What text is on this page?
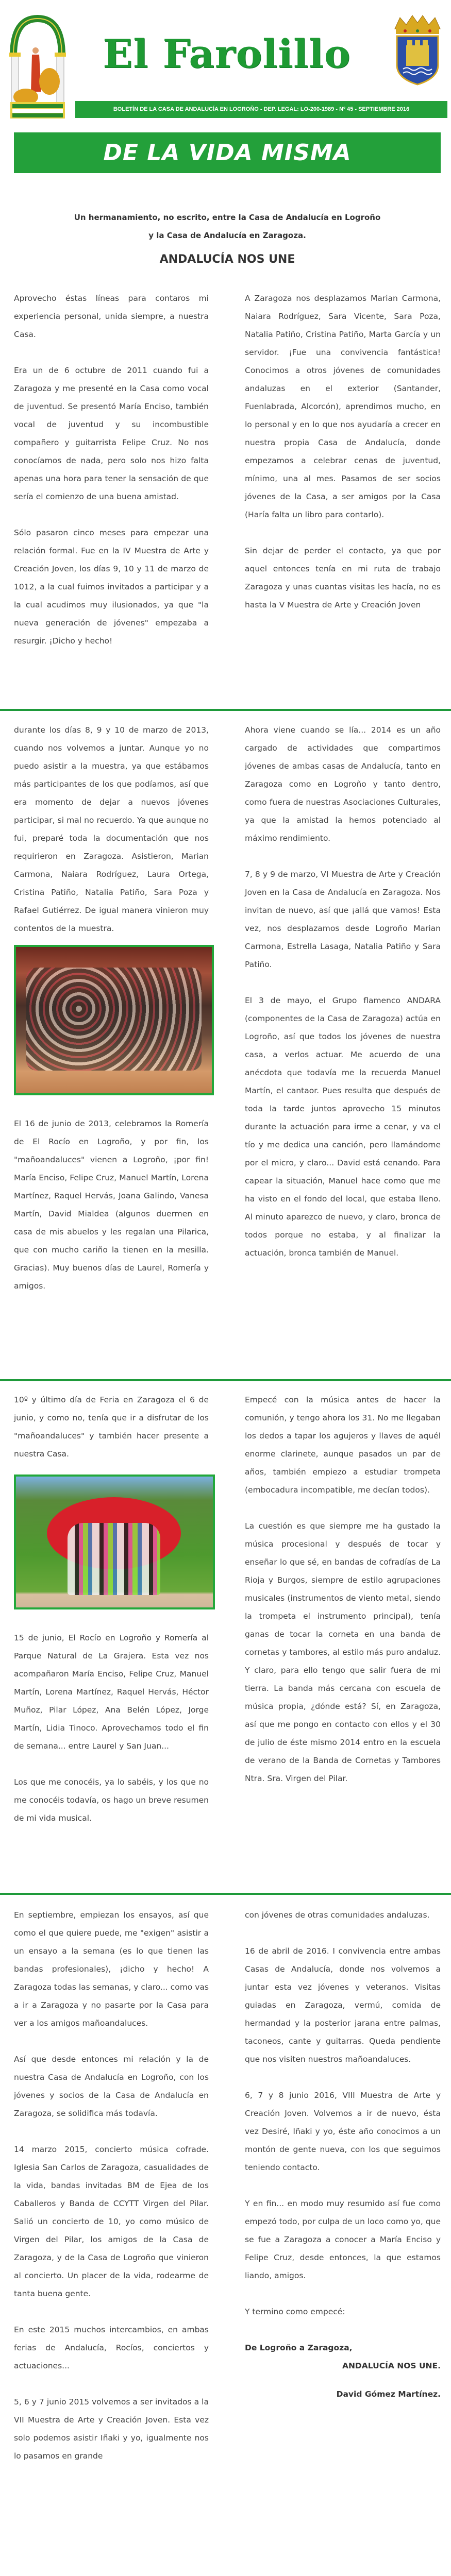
El Farolillo
BOLETÍN DE LA CASA DE ANDALUCÍA EN LOGROÑO - DEP. LEGAL: LO-200-1989 - Nº 45 - SEPTIEMBRE 2016
DE LA VIDA MISMA
Un hermanamiento, no escrito, entre la Casa de Andalucía en Logroño
y la Casa de Andalucía en Zaragoza.
ANDALUCÍA NOS UNE

Aprovecho éstas líneas para contaros mi experiencia personal, unida siempre, a nuestra Casa.

Era un de 6 octubre de 2011 cuando fui a Zaragoza y me presenté en la Casa como vocal de juventud. Se presentó María Enciso, también vocal de juventud y su incombustible compañero y guitarrista Felipe Cruz. No nos conocíamos de nada, pero solo nos hizo falta apenas una hora para tener la sensación de que sería el comienzo de una buena amistad.

Sólo pasaron cinco meses para empezar una relación formal. Fue en la IV Muestra de Arte y Creación Joven, los días 9, 10 y 11 de marzo de 1012, a la cual fuimos invitados a participar y a la cual acudimos muy ilusionados, ya que "la nueva generación de jóvenes" empezaba a resurgir. ¡Dicho y hecho!

A Zaragoza nos desplazamos Marian Carmona, Naiara Rodríguez, Sara Vicente, Sara Poza, Natalia Patiño, Cristina Patiño, Marta García y un servidor. ¡Fue una convivencia fantástica! Conocimos a otros jóvenes de comunidades andaluzas en el exterior (Santander, Fuenlabrada, Alcorcón), aprendimos mucho, en lo personal y en lo que nos ayudaría a crecer en nuestra propia Casa de Andalucía, donde empezamos a celebrar cenas de juventud, mínimo, una al mes. Pasamos de ser socios jóvenes de la Casa, a ser amigos por la Casa (Haría falta un libro para contarlo).

Sin dejar de perder el contacto, ya que por aquel entonces tenía en mi ruta de trabajo Zaragoza y unas cuantas visitas les hacía, no es hasta la V Muestra de Arte y Creación Joven

durante los días 8, 9 y 10 de marzo de 2013, cuando nos volvemos a juntar. Aunque yo no puedo asistir a la muestra, ya que estábamos más participantes de los que podíamos, así que era momento de dejar a nuevos jóvenes participar, si mal no recuerdo. Ya que aunque no fui, preparé toda la documentación que nos requirieron en Zaragoza. Asistieron, Marian Carmona, Naiara Rodríguez, Laura Ortega, Cristina Patiño, Natalia Patiño, Sara Poza y Rafael Gutiérrez. De igual manera vinieron muy contentos de la muestra.

El 16 de junio de 2013, celebramos la Romería de El Rocío en Logroño, y por fin, los "mañoandaluces" vienen a Logroño, ¡por fin! María Enciso, Felipe Cruz, Manuel Martín, Lorena Martínez, Raquel Hervás, Joana Galindo, Vanesa Martín, David Mialdea (algunos duermen en casa de mis abuelos y les regalan una Pilarica, que con mucho cariño la tienen en la mesilla. Gracias). Muy buenos días de Laurel, Romería y amigos.

Ahora viene cuando se lía... 2014 es un año cargado de actividades que compartimos jóvenes de ambas casas de Andalucía, tanto en Zaragoza como en Logroño y tanto dentro, como fuera de nuestras Asociaciones Culturales, ya que la amistad la hemos potenciado al máximo rendimiento.

7, 8 y 9 de marzo, VI Muestra de Arte y Creación Joven en la Casa de Andalucía en Zaragoza. Nos invitan de nuevo, así que ¡allá que vamos! Esta vez, nos desplazamos desde Logroño Marian Carmona, Estrella Lasaga, Natalia Patiño y Sara Patiño.

El 3 de mayo, el Grupo flamenco ANDARA (componentes de la Casa de Zaragoza) actúa en Logroño, así que todos los jóvenes de nuestra casa, a verlos actuar. Me acuerdo de una anécdota que todavía me la recuerda Manuel Martín, el cantaor. Pues resulta que después de toda la tarde juntos aprovecho 15 minutos durante la actuación para irme a cenar, y va el tío y me dedica una canción, pero llamándome por el micro, y claro... David está cenando. Para capear la situación, Manuel hace como que me ha visto en el fondo del local, que estaba lleno. Al minuto aparezco de nuevo, y claro, bronca de todos porque no estaba, y al finalizar la actuación, bronca también de Manuel.

10º y último día de Feria en Zaragoza el 6 de junio, y como no, tenía que ir a disfrutar de los "mañoandaluces" y también hacer presente a nuestra Casa.

15 de junio, El Rocío en Logroño y Romería al Parque Natural de La Grajera. Esta vez nos acompañaron María Enciso, Felipe Cruz, Manuel Martín, Lorena Martínez, Raquel Hervás, Héctor Muñoz, Pilar López, Ana Belén López, Jorge Martín, Lidia Tinoco. Aprovechamos todo el fin de semana... entre Laurel y San Juan...

Los que me conocéis, ya lo sabéis, y los que no me conocéis todavía, os hago un breve resumen de mi vida musical.

Empecé con la música antes de hacer la comunión, y tengo ahora los 31. No me llegaban los dedos a tapar los agujeros y llaves de aquél enorme clarinete, aunque pasados un par de años, también empiezo a estudiar trompeta (embocadura incompatible, me decían todos).

La cuestión es que siempre me ha gustado la música procesional y después de tocar y enseñar lo que sé, en bandas de cofradías de La Rioja y Burgos, siempre de estilo agrupaciones musicales (instrumentos de viento metal, siendo la trompeta el instrumento principal), tenía ganas de tocar la corneta en una banda de cornetas y tambores, al estilo más puro andaluz. Y claro, para ello tengo que salir fuera de mi tierra. La banda más cercana con escuela de música propia, ¿dónde está? Sí, en Zaragoza, así que me pongo en contacto con ellos y el 30 de julio de éste mismo 2014 entro en la escuela de verano de la Banda de Cornetas y Tambores Ntra. Sra. Virgen del Pilar.

En septiembre, empiezan los ensayos, así que como el que quiere puede, me "exigen" asistir a un ensayo a la semana (es lo que tienen las bandas profesionales), ¡dicho y hecho! A Zaragoza todas las semanas, y claro... como vas a ir a Zaragoza y no pasarte por la Casa para ver a los amigos mañoandaluces.

Así que desde entonces mi relación y la de nuestra Casa de Andalucía en Logroño, con los jóvenes y socios de la Casa de Andalucía en Zaragoza, se solidifica más todavía.

14 marzo 2015, concierto música cofrade. Iglesia San Carlos de Zaragoza, casualidades de la vida, bandas invitadas BM de Ejea de los Caballeros y Banda de CCYTT Virgen del Pilar. Salió un concierto de 10, yo como músico de Virgen del Pilar, los amigos de la Casa de Zaragoza, y de la Casa de Logroño que vinieron al concierto. Un placer de la vida, rodearme de tanta buena gente.

En este 2015 muchos intercambios, en ambas ferias de Andalucía, Rocíos, conciertos y actuaciones...

5, 6 y 7 junio 2015 volvemos a ser invitados a la VII Muestra de Arte y Creación Joven. Esta vez solo podemos asistir Iñaki y yo, igualmente nos lo pasamos en grande

con jóvenes de otras comunidades andaluzas.

16 de abril de 2016. I convivencia entre ambas Casas de Andalucía, donde nos volvemos a juntar esta vez jóvenes y veteranos. Visitas guiadas en Zaragoza, vermú, comida de hermandad y la posterior jarana entre palmas, taconeos, cante y guitarras. Queda pendiente que nos visiten nuestros mañoandaluces.

6, 7 y 8 junio 2016, VIII Muestra de Arte y Creación Joven. Volvemos a ir de nuevo, ésta vez Desiré, Iñaki y yo, éste año conocimos a un montón de gente nueva, con los que seguimos teniendo contacto.

Y en fin... en modo muy resumido así fue como empezó todo, por culpa de un loco como yo, que se fue a Zaragoza a conocer a María Enciso y Felipe Cruz, desde entonces, la que estamos liando, amigos.

Y termino como empecé:

De Logroño a Zaragoza,
ANDALUCÍA NOS UNE.
David Gómez Martínez.
